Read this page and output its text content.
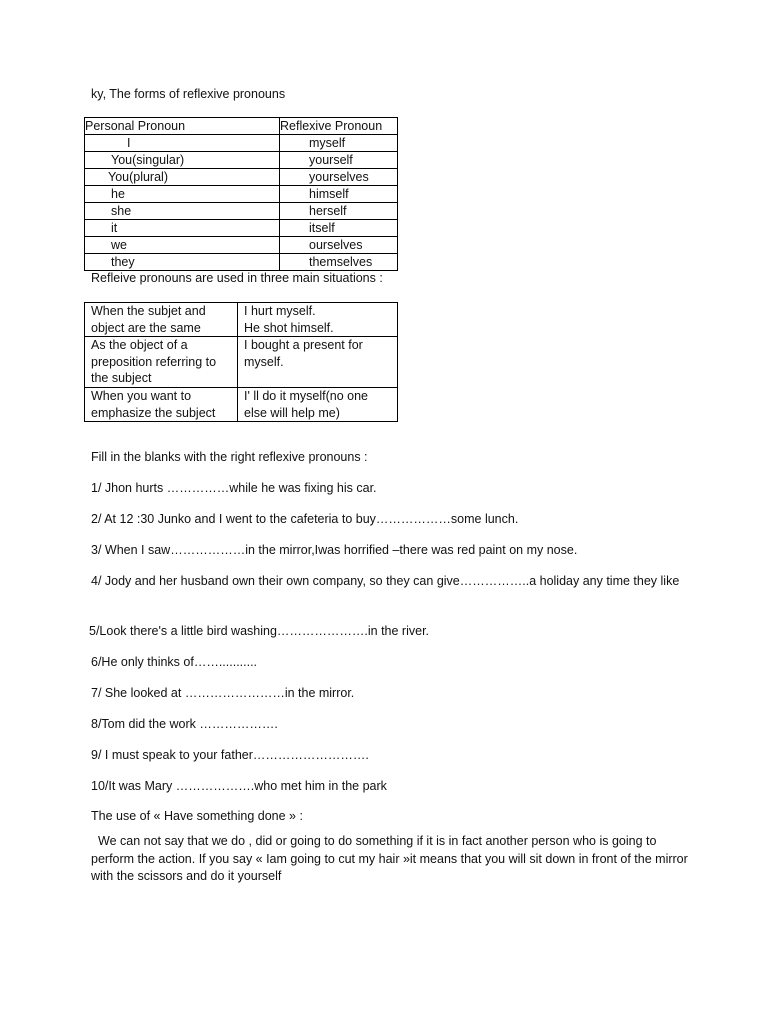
ky, The forms of reflexive pronouns
Personal Pronoun	Reflexive Pronoun
I	myself
You(singular)	yourself
You(plural)	yourselves
he	himself
she	herself
it	itself
we	ourselves
they	themselves
Refleive pronouns are used in three main situations :
When the subjet and object are the same	I hurt myself.
He shot himself.
As the object of a preposition referring to the subject	I bought a present for myself.
When you want to emphasize the subject	I' ll do it myself(no one else will help me)
Fill in the blanks with the right reflexive pronouns :
1/ Jhon hurts ……………while he was fixing his car.
2/ At 12 :30 Junko and I went to the cafeteria to buy………………some lunch.
3/ When I saw………………in the mirror,Iwas horrified –there was red paint on my nose.
4/ Jody and her husband own their own company, so they can give……………..a holiday any time they like
5/Look there's a little bird washing………………….in the river.
6/He only thinks of……...........
7/ She looked at ……………………in the mirror.
8/Tom did the work ……………….
9/ I must speak to your father……………………….
10/It was Mary ……………….who met him in the park
The use of « Have something done » :
We can not say that we do , did or going to do something if it is in fact another person who is going to perform the action. If you say « Iam going to cut my hair »it means that you will sit down in front of the mirror with the scissors and do it yourself
